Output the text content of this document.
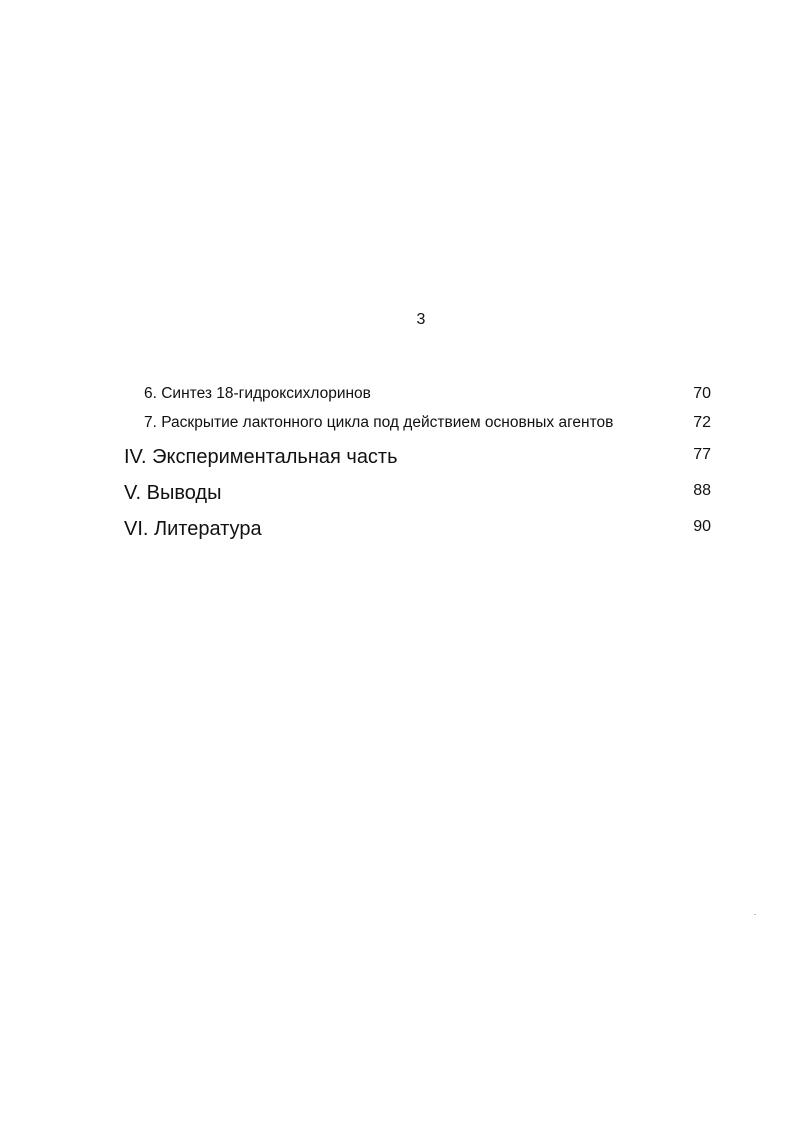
3
6. Синтез 18-гидроксихлоринов	70
7. Раскрытие лактонного цикла под действием основных агентов	72
IV. Экспериментальная часть	77
V. Выводы	88
VI. Литература	90
